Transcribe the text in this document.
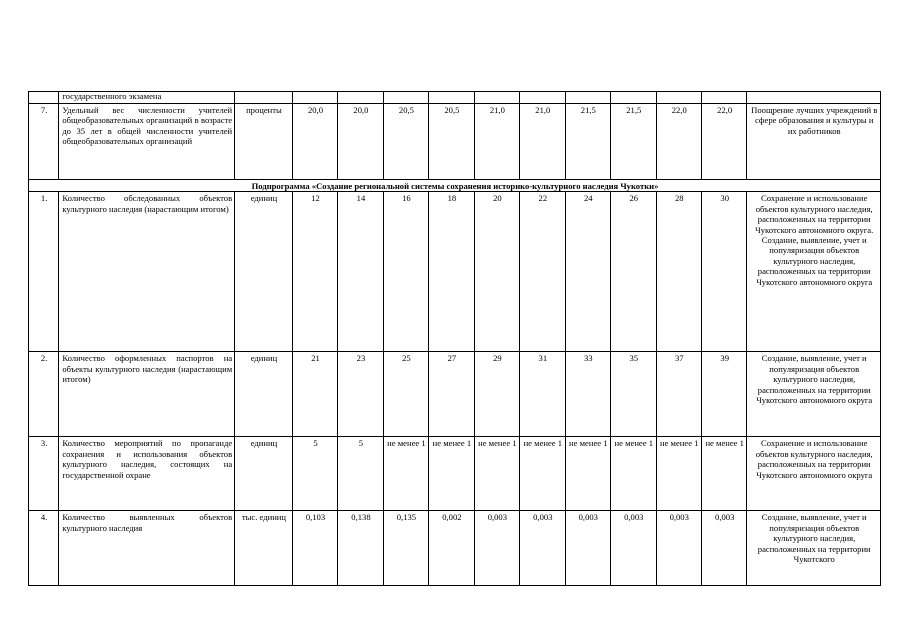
	государственного экзамена												
7.	Удельный вес численности учителей общеобразовательных организаций в возрасте до 35 лет в общей численности учителей общеобразовательных организаций	проценты	20,0	20,0	20,5	20,5	21,0	21,0	21,5	21,5	22,0	22,0	Поощрение лучших учреждений в сфере образования и культуры и их работников
Подпрограмма «Создание региональной системы сохранения историко-культурного наследия Чукотки»													
1.	Количество обследованных объектов культурного наследия (нарастающим итогом)	единиц	12	14	16	18	20	22	24	26	28	30	Сохранение и использование объектов культурного наследия, расположенных на территории Чукотского автономного округа. Создание, выявление, учет и популяризация объектов культурного наследия, расположенных на территории Чукотского автономного округа
2.	Количество оформленных паспортов на объекты культурного наследия (нарастающим итогом)	единиц	21	23	25	27	29	31	33	35	37	39	Создание, выявление, учет и популяризация объектов культурного наследия, расположенных на территории Чукотского автономного округа
3.	Количество мероприятий по пропаганде сохранения и использования объектов культурного наследия, состоящих на государственной охране	единиц	5	5	не менее 1	не менее 1	не менее 1	не менее 1	не менее 1	не менее 1	не менее 1	не менее 1	Сохранение и использование объектов культурного наследия, расположенных на территории Чукотского автономного округа
4.	Количество выявленных объектов культурного наследия	тыс. единиц	0,103	0,138	0,135	0,002	0,003	0,003	0,003	0,003	0,003	0,003	Создание, выявление, учет и популяризация объектов культурного наследия, расположенных на территории Чукотского
